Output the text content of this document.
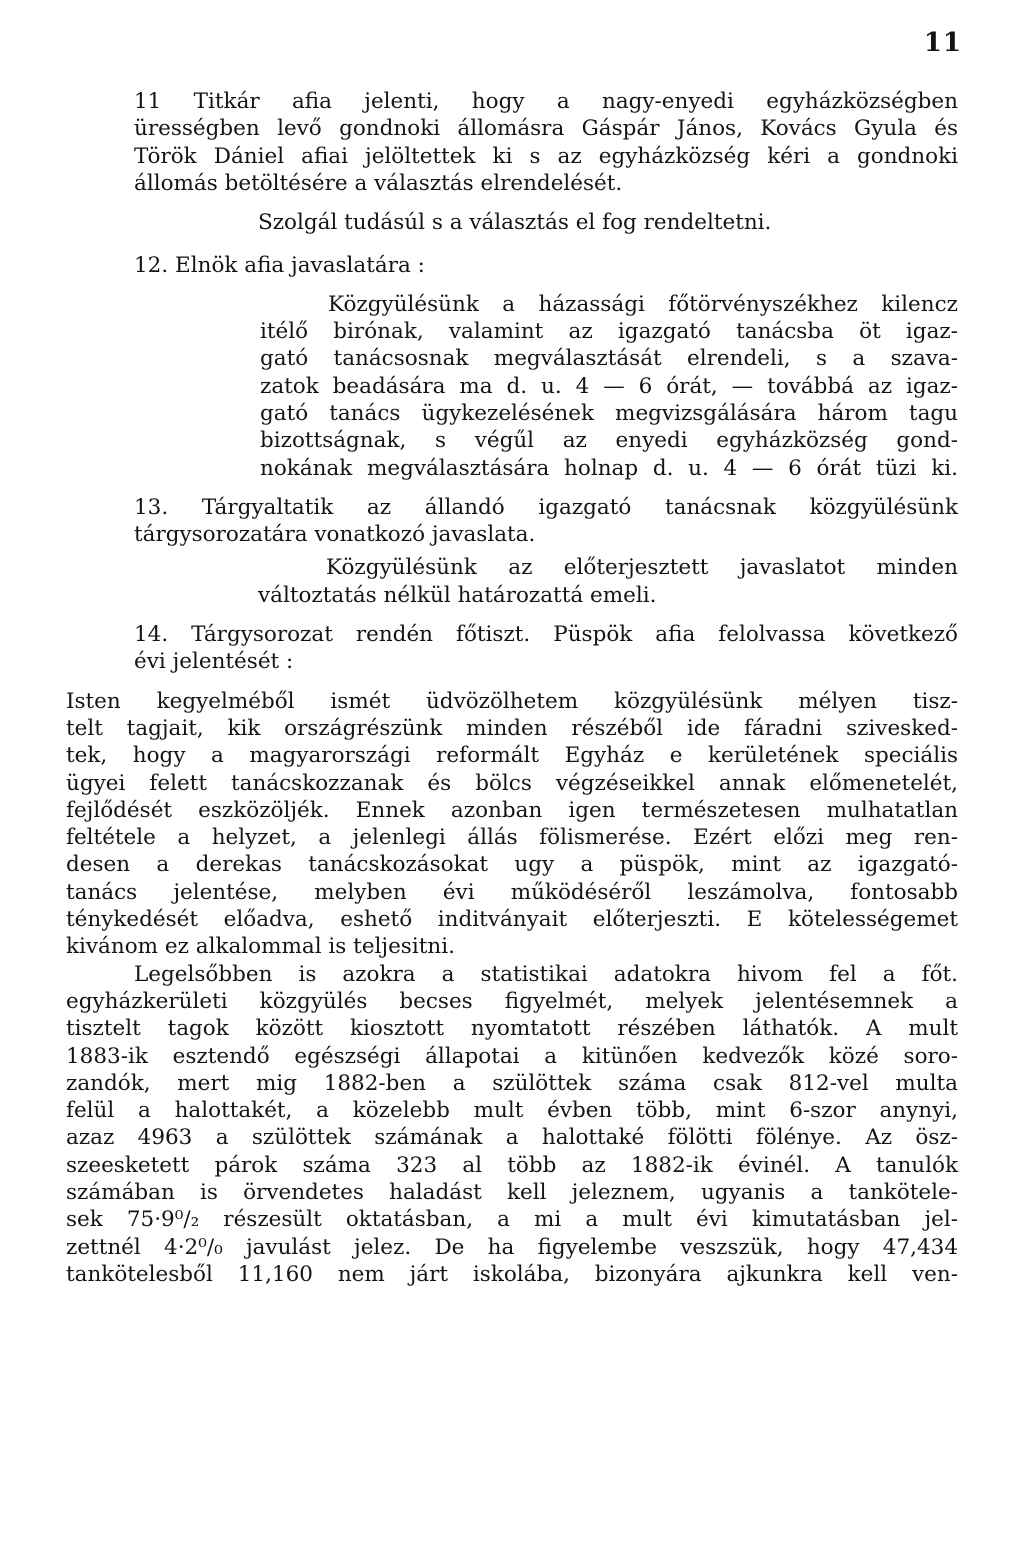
11

11 Titkár afia jelenti, hogy a nagy-enyedi egyházközségben
ürességben levő gondnoki állomásra Gáspár János, Kovács Gyula és
Török Dániel afiai jelöltettek ki s az egyházközség kéri a gondnoki
állomás betöltésére a választás elrendelését.

Szolgál tudásúl s a választás el fog rendeltetni.

12. Elnök afia javaslatára :

Közgyülésünk a házassági főtörvényszékhez kilencz
itélő birónak, valamint az igazgató tanácsba öt igaz-
gató tanácsosnak megválasztását elrendeli, s a szava-
zatok beadására ma d. u. 4 — 6 órát, — továbbá az igaz-
gató tanács ügykezelésének megvizsgálására három tagu
bizottságnak, s végűl az enyedi egyházközség gond-
nokának megválasztására holnap d. u. 4 — 6 órát tüzi ki.

13. Tárgyaltatik az állandó igazgató tanácsnak közgyülésünk
tárgysorozatára vonatkozó javaslata.

Közgyülésünk az előterjesztett javaslatot minden
változtatás nélkül határozattá emeli.

14. Tárgysorozat rendén főtiszt. Püspök afia felolvassa következő
évi jelentését :

Isten kegyelméből ismét üdvözölhetem közgyülésünk mélyen tisz-
telt tagjait, kik országrészünk minden részéből ide fáradni szivesked-
tek, hogy a magyarországi reformált Egyház e kerületének speciális
ügyei felett tanácskozzanak és bölcs végzéseikkel annak előmenetelét,
fejlődését eszközöljék. Ennek azonban igen természetesen mulhatatlan
feltétele a helyzet, a jelenlegi állás fölismerése. Ezért előzi meg ren-
desen a derekas tanácskozásokat ugy a püspök, mint az igazgató-
tanács jelentése, melyben évi működéséről leszámolva, fontosabb
ténykedését előadva, eshető inditványait előterjeszti. E kötelességemet
kivánom ez alkalommal is teljesitni.

Legelsőbben is azokra a statistikai adatokra hivom fel a főt.
egyházkerületi közgyülés becses figyelmét, melyek jelentésemnek a
tisztelt tagok között kiosztott nyomtatott részében láthatók. A mult
1883-ik esztendő egészségi állapotai a kitünően kedvezők közé soro-
zandók, mert mig 1882-ben a szülöttek száma csak 812-vel multa
felül a halottakét, a közelebb mult évben több, mint 6-szor anynyi,
azaz 4963 a szülöttek számának a halottaké fölötti fölénye. Az ösz-
szeesketett párok száma 323 al több az 1882-ik évinél. A tanulók
számában is örvendetes haladást kell jeleznem, ugyanis a tankötele-
sek 75·9⁰/₂ részesült oktatásban, a mi a mult évi kimutatásban jel-
zettnél 4·2⁰/₀ javulást jelez. De ha figyelembe veszszük, hogy 47,434
tankötelesből 11,160 nem járt iskolába, bizonyára ajkunkra kell ven-
